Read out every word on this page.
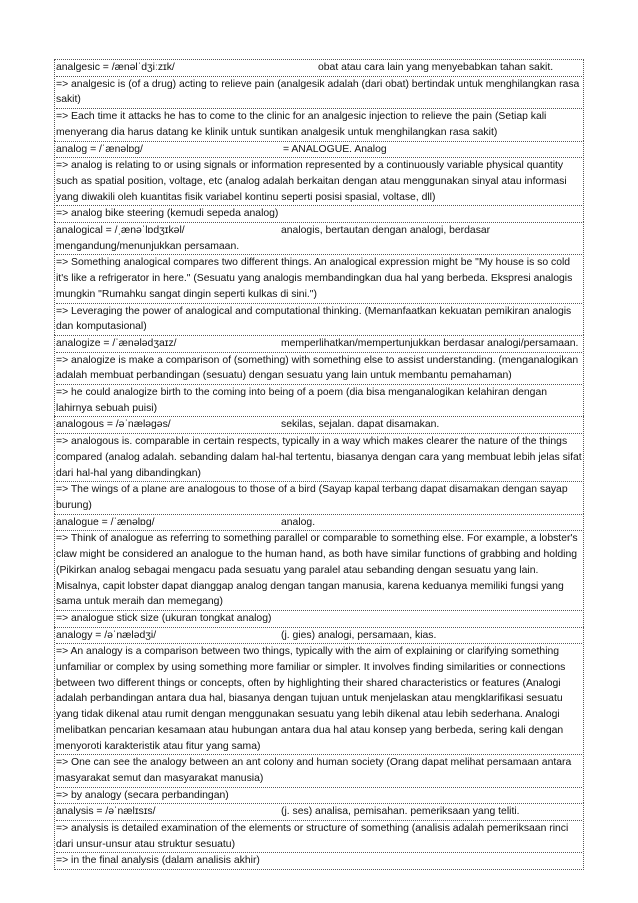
analgesic = /ænəlˈdʒiːzɪk/	obat atau cara lain yang menyebabkan tahan sakit.

=> analgesic is (of a drug) acting to relieve pain (analgesik adalah (dari obat) bertindak untuk menghilangkan rasa sakit)

=> Each time it attacks he has to come to the clinic for an analgesic injection to relieve the pain (Setiap kali menyerang dia harus datang ke klinik untuk suntikan analgesik untuk menghilangkan rasa sakit)

analog = /ˈænəlɒg/	= ANALOGUE. Analog

=> analog is relating to or using signals or information represented by a continuously variable physical quantity such as spatial position, voltage, etc (analog adalah berkaitan dengan atau menggunakan sinyal atau informasi yang diwakili oleh kuantitas fisik variabel kontinu seperti posisi spasial, voltase, dll)

=> analog bike steering (kemudi sepeda analog)

analogical = /ˌænəˈlɒdʒɪkəl/	analogis, bertautan dengan analogi, berdasar mengandung/menunjukkan persamaan.

=> Something analogical compares two different things. An analogical expression might be "My house is so cold it's like a refrigerator in here." (Sesuatu yang analogis membandingkan dua hal yang berbeda. Ekspresi analogis mungkin "Rumahku sangat dingin seperti kulkas di sini.")

=> Leveraging the power of analogical and computational thinking. (Memanfaatkan kekuatan pemikiran analogis dan komputasional)

analogize = /ˈænələdʒaɪz/	memperlihatkan/mempertunjukkan berdasar analogi/persamaan.

=> analogize is make a comparison of (something) with something else to assist understanding. (menganalogikan adalah membuat perbandingan (sesuatu) dengan sesuatu yang lain untuk membantu pemahaman)

=> he could analogize birth to the coming into being of a poem (dia bisa menganalogikan kelahiran dengan lahirnya sebuah puisi)

analogous = /əˈnæləgəs/	sekilas, sejalan. dapat disamakan.

=> analogous is. comparable in certain respects, typically in a way which makes clearer the nature of the things compared (analog adalah. sebanding dalam hal-hal tertentu, biasanya dengan cara yang membuat lebih jelas sifat dari hal-hal yang dibandingkan)

=> The wings of a plane are analogous to those of a bird (Sayap kapal terbang dapat disamakan dengan sayap burung)

analogue = /ˈænəlɒg/	analog.

=> Think of analogue as referring to something parallel or comparable to something else. For example, a lobster's claw might be considered an analogue to the human hand, as both have similar functions of grabbing and holding (Pikirkan analog sebagai mengacu pada sesuatu yang paralel atau sebanding dengan sesuatu yang lain. Misalnya, capit lobster dapat dianggap analog dengan tangan manusia, karena keduanya memiliki fungsi yang sama untuk meraih dan memegang)

=> analogue stick size (ukuran tongkat analog)

analogy = /əˈnælədʒi/	(j. gies) analogi, persamaan, kias.

=> An analogy is a comparison between two things, typically with the aim of explaining or clarifying something unfamiliar or complex by using something more familiar or simpler. It involves finding similarities or connections between two different things or concepts, often by highlighting their shared characteristics or features (Analogi adalah perbandingan antara dua hal, biasanya dengan tujuan untuk menjelaskan atau mengklarifikasi sesuatu yang tidak dikenal atau rumit dengan menggunakan sesuatu yang lebih dikenal atau lebih sederhana. Analogi melibatkan pencarian kesamaan atau hubungan antara dua hal atau konsep yang berbeda, sering kali dengan menyoroti karakteristik atau fitur yang sama)

=> One can see the analogy between an ant colony and human society (Orang dapat melihat persamaan antara masyarakat semut dan masyarakat manusia)

=> by analogy (secara perbandingan)

analysis = /əˈnælɪsɪs/	(j. ses) analisa, pemisahan. pemeriksaan yang teliti.

=> analysis is detailed examination of the elements or structure of something (analisis adalah pemeriksaan rinci dari unsur-unsur atau struktur sesuatu)

=> in the final analysis (dalam analisis akhir)
